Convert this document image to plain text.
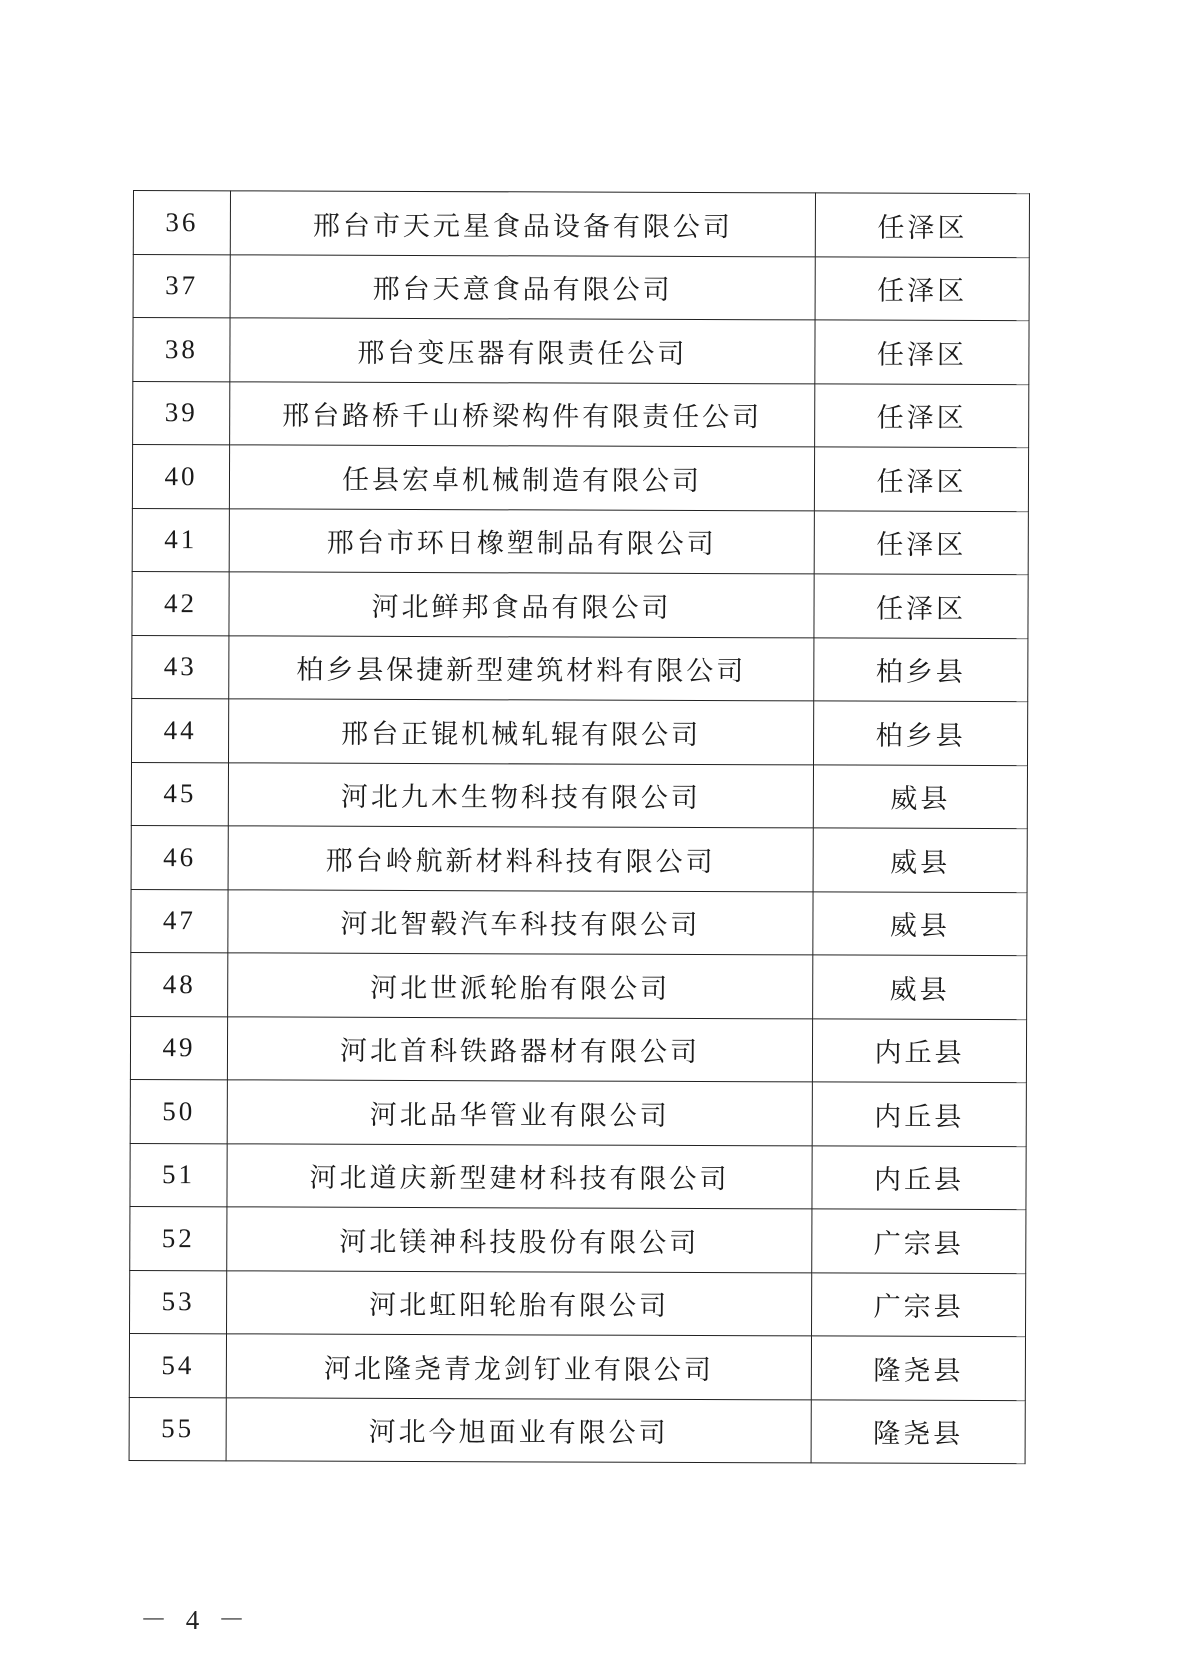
36	邢台市天元星食品设备有限公司	任泽区
37	邢台天意食品有限公司	任泽区
38	邢台变压器有限责任公司	任泽区
39	邢台路桥千山桥梁构件有限责任公司	任泽区
40	任县宏卓机械制造有限公司	任泽区
41	邢台市环日橡塑制品有限公司	任泽区
42	河北鲜邦食品有限公司	任泽区
43	柏乡县保捷新型建筑材料有限公司	柏乡县
44	邢台正锟机械轧辊有限公司	柏乡县
45	河北九木生物科技有限公司	威县
46	邢台岭航新材料科技有限公司	威县
47	河北智毂汽车科技有限公司	威县
48	河北世派轮胎有限公司	威县
49	河北首科铁路器材有限公司	内丘县
50	河北品华管业有限公司	内丘县
51	河北道庆新型建材科技有限公司	内丘县
52	河北镁神科技股份有限公司	广宗县
53	河北虹阳轮胎有限公司	广宗县
54	河北隆尧青龙剑钉业有限公司	隆尧县
55	河北今旭面业有限公司	隆尧县
－ 4 －
